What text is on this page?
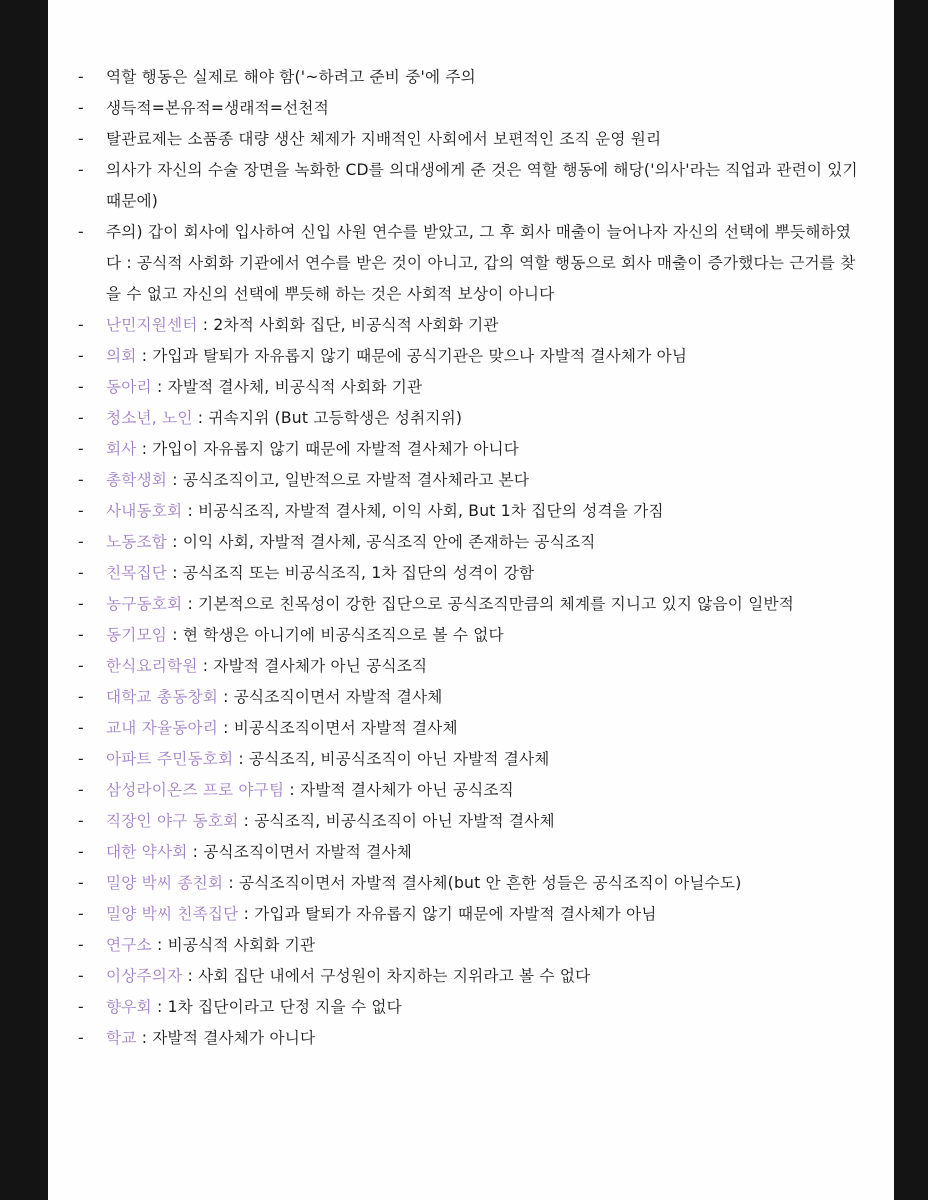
- 역할 행동은 실제로 해야 함('~하려고 준비 중'에 주의
- 생득적=본유적=생래적=선천적
- 탈관료제는 소품종 대량 생산 체제가 지배적인 사회에서 보편적인 조직 운영 원리
- 의사가 자신의 수술 장면을 녹화한 CD를 의대생에게 준 것은 역할 행동에 해당('의사'라는 직업과 관련이 있기 때문에)
- 주의) 갑이 회사에 입사하여 신입 사원 연수를 받았고, 그 후 회사 매출이 늘어나자 자신의 선택에 뿌듯해하였다 : 공식적 사회화 기관에서 연수를 받은 것이 아니고, 갑의 역할 행동으로 회사 매출이 증가했다는 근거를 찾을 수 없고 자신의 선택에 뿌듯해 하는 것은 사회적 보상이 아니다
- 난민지원센터 : 2차적 사회화 집단, 비공식적 사회화 기관
- 의회 : 가입과 탈퇴가 자유롭지 않기 때문에 공식기관은 맞으나 자발적 결사체가 아님
- 동아리 : 자발적 결사체, 비공식적 사회화 기관
- 청소년, 노인 : 귀속지위 (But 고등학생은 성취지위)
- 회사 : 가입이 자유롭지 않기 때문에 자발적 결사체가 아니다
- 총학생회 : 공식조직이고, 일반적으로 자발적 결사체라고 본다
- 사내동호회 : 비공식조직, 자발적 결사체, 이익 사회, But 1차 집단의 성격을 가짐
- 노동조합 : 이익 사회, 자발적 결사체, 공식조직 안에 존재하는 공식조직
- 친목집단 : 공식조직 또는 비공식조직, 1차 집단의 성격이 강함
- 농구동호회 : 기본적으로 친목성이 강한 집단으로 공식조직만큼의 체계를 지니고 있지 않음이 일반적
- 동기모임 : 현 학생은 아니기에 비공식조직으로 볼 수 없다
- 한식요리학원 : 자발적 결사체가 아닌 공식조직
- 대학교 총동창회 : 공식조직이면서 자발적 결사체
- 교내 자율동아리 : 비공식조직이면서 자발적 결사체
- 아파트 주민동호회 : 공식조직, 비공식조직이 아닌 자발적 결사체
- 삼성라이온즈 프로 야구팀 : 자발적 결사체가 아닌 공식조직
- 직장인 야구 동호회 : 공식조직, 비공식조직이 아닌 자발적 결사체
- 대한 약사회 : 공식조직이면서 자발적 결사체
- 밀양 박씨 종친회 : 공식조직이면서 자발적 결사체(but 안 흔한 성들은 공식조직이 아닐수도)
- 밀양 박씨 친족집단 : 가입과 탈퇴가 자유롭지 않기 때문에 자발적 결사체가 아님
- 연구소 : 비공식적 사회화 기관
- 이상주의자 : 사회 집단 내에서 구성원이 차지하는 지위라고 볼 수 없다
- 향우회 : 1차 집단이라고 단정 지을 수 없다
- 학교 : 자발적 결사체가 아니다
